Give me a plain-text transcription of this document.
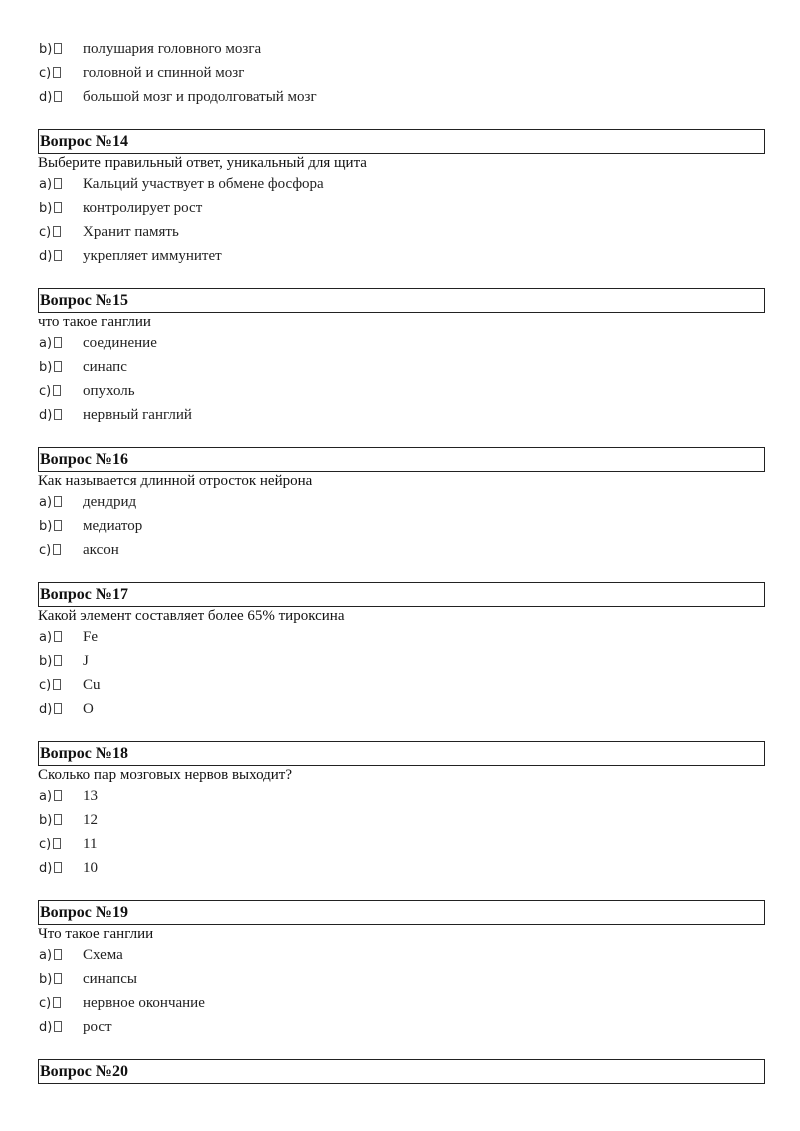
b)	полушария головного мозга
c)	головной и спинной мозг
d)	большой мозг и продолговатый мозг
Вопрос №14
Выберите правильный ответ, уникальный для щита
a)	Кальций участвует в обмене фосфора
b)	контролирует рост
c)	Хранит память
d)	укрепляет иммунитет
Вопрос №15
что такое ганглии
a)	соединение
b)	синапс
c)	опухоль
d)	нервный ганглий
Вопрос №16
Как называется длинной отросток нейрона
a)	дендрид
b)	медиатор
c)	аксон
Вопрос №17
Какой элемент составляет более 65% тироксина
a)	Fe
b)	J
c)	Cu
d)	O
Вопрос №18
Сколько пар мозговых нервов выходит?
a)	13
b)	12
c)	11
d)	10
Вопрос №19
Что такое ганглии
a)	Схема
b)	синапсы
c)	нервное окончание
d)	рост
Вопрос №20
